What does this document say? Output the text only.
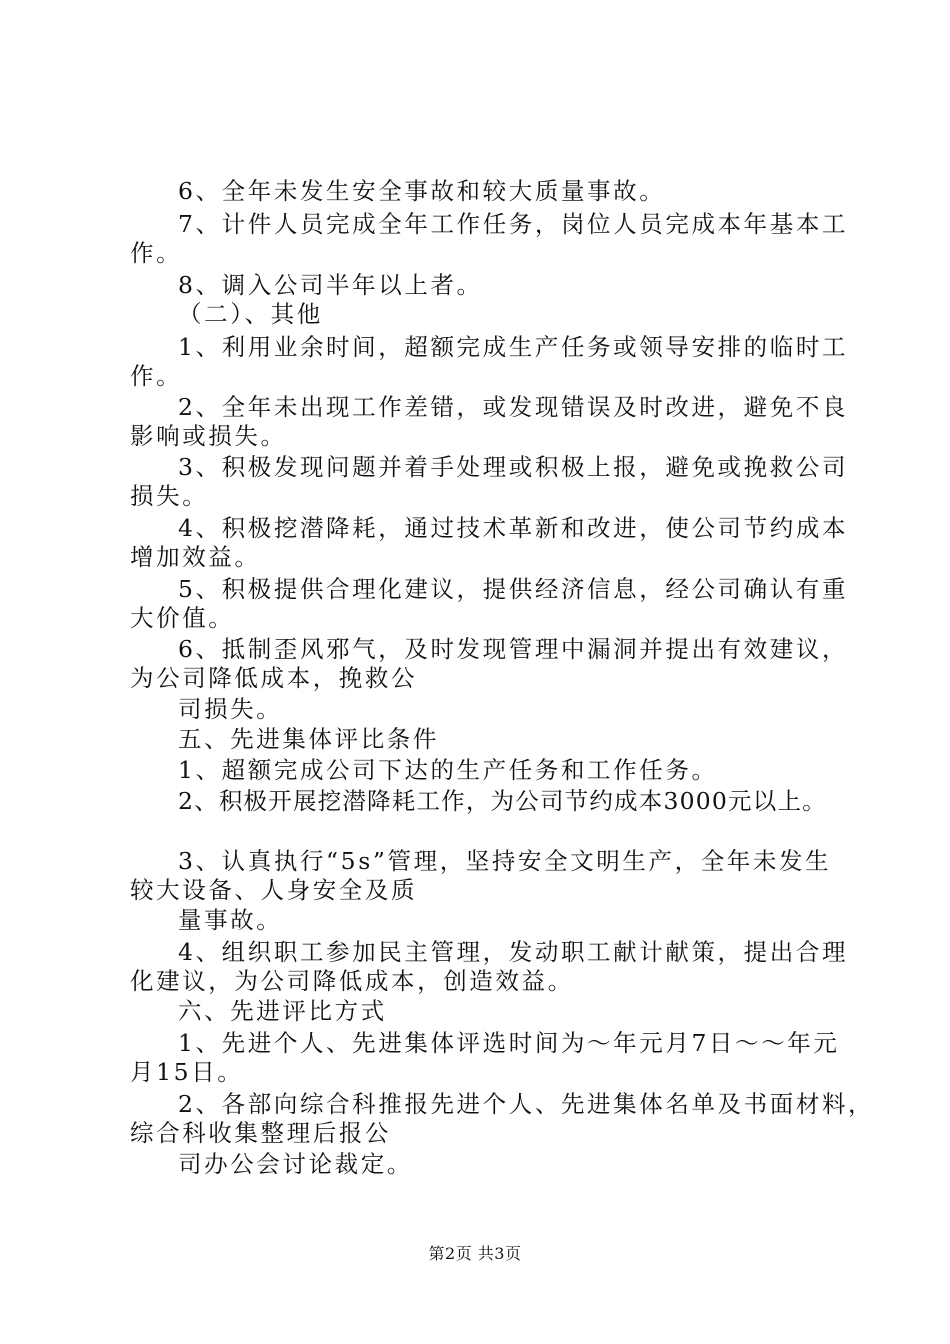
6、全年未发生安全事故和较大质量事故。
7、计件人员完成全年工作任务，岗位人员完成本年基本工
作。
8、调入公司半年以上者。
（二）、其他
1、利用业余时间，超额完成生产任务或领导安排的临时工
作。
2、全年未出现工作差错，或发现错误及时改进，避免不良
影响或损失。
3、积极发现问题并着手处理或积极上报，避免或挽救公司
损失。
4、积极挖潜降耗，通过技术革新和改进，使公司节约成本
增加效益。
5、积极提供合理化建议，提供经济信息，经公司确认有重
大价值。
6、抵制歪风邪气，及时发现管理中漏洞并提出有效建议，
为公司降低成本，挽救公
司损失。
五、先进集体评比条件
1、超额完成公司下达的生产任务和工作任务。
2、积极开展挖潜降耗工作，为公司节约成本3000元以上。
3、认真执行“5s”管理，坚持安全文明生产，全年未发生
较大设备、人身安全及质
量事故。
4、组织职工参加民主管理，发动职工献计献策，提出合理
化建议，为公司降低成本，创造效益。
六、先进评比方式
1、先进个人、先进集体评选时间为～年元月7日～～年元
月15日。
2、各部向综合科推报先进个人、先进集体名单及书面材料，
综合科收集整理后报公
司办公会讨论裁定。
第2页 共3页
